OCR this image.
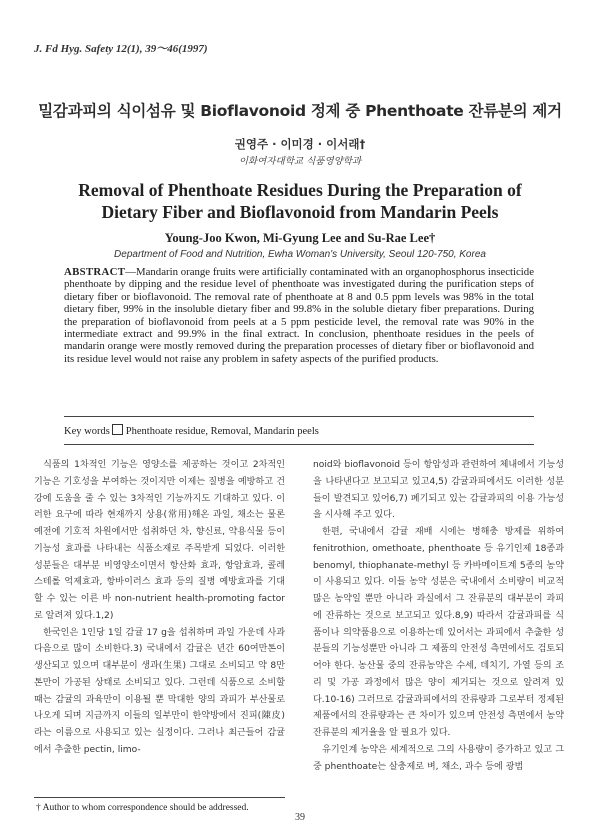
J. Fd Hyg. Safety 12(1), 39～46(1997)
밀감과피의 식이섬유 및 Bioflavonoid 정제 중 Phenthoate 잔류분의 제거
권영주 · 이미경 · 이서래†
이화여자대학교 식품영양학과
Removal of Phenthoate Residues During the Preparation of
Dietary Fiber and Bioflavonoid from Mandarin Peels
Young-Joo Kwon, Mi-Gyung Lee and Su-Rae Lee†
Department of Food and Nutrition, Ewha Woman's University, Seoul 120-750, Korea
ABSTRACT—Mandarin orange fruits were artificially contaminated with an organophosphorus insecticide phenthoate by dipping and the residue level of phenthoate was investigated during the purification steps of dietary fiber or bioflavonoid. The removal rate of phenthoate at 8 and 0.5 ppm levels was 98% in the total dietary fiber, 99% in the insoluble dietary fiber and 99.8% in the soluble dietary fiber preparations. During the preparation of bioflavonoid from peels at a 5 ppm pesticide level, the removal rate was 90% in the intermediate extract and 99.9% in the final extract. In conclusion, phenthoate residues in the peels of mandarin orange were mostly removed during the preparation processes of dietary fiber or bioflavonoid and its residue level would not raise any problem in safety aspects of the purified products.
Key words Phenthoate residue, Removal, Mandarin peels

식품의 1차적인 기능은 영양소를 제공하는 것이고 2차적인 기능은 기호성을 부여하는 것이지만 이제는 질병을 예방하고 건강에 도움을 줄 수 있는 3차적인 기능까지도 기대하고 있다. 이러한 요구에 따라 현재까지 상용(常用)해온 과일, 채소는 물론 예전에 기호적 차원에서만 섭취하던 차, 향신료, 약용식물 등이 기능성 효과를 나타내는 식품소재로 주목받게 되었다. 이러한 성분들은 대부분 비영양소이면서 항산화 효과, 항암효과, 콜레스테롤 억제효과, 항바이러스 효과 등의 질병 예방효과를 기대할 수 있는 이른 바 non-nutrient health-promoting factor로 알려져 있다.1,2)

한국인은 1인당 1일 감귤 17 g을 섭취하며 과일 가운데 사과 다음으로 많이 소비한다.3) 국내에서 감귤은 년간 60여만톤이 생산되고 있으며 대부분이 생과(生果) 그대로 소비되고 약 8만톤만이 가공된 상태로 소비되고 있다. 그런데 식품으로 소비할 때는 감귤의 과육만이 이용될 뿐 막대한 양의 과피가 부산물로 나오게 되며 지금까지 이들의 일부만이 한약방에서 진피(陳皮)라는 이름으로 사용되고 있는 실정이다. 그러나 최근들어 감귤에서 추출한 pectin, limo-

noid와 bioflavonoid 등이 항암성과 관련하여 체내에서 기능성을 나타낸다고 보고되고 있고4,5) 감귤과피에서도 이러한 성분들이 발견되고 있어6,7) 폐기되고 있는 감귤과피의 이용 가능성을 시사해 주고 있다.

한편, 국내에서 감귤 재배 시에는 병해충 방제를 위하여 fenitrothion, omethoate, phenthoate 등 유기인제 18종과 benomyl, thiophanate-methyl 등 카바메이트계 5종의 농약이 사용되고 있다. 이들 농약 성분은 국내에서 소비량이 비교적 많은 농약일 뿐만 아니라 과실에서 그 잔류분의 대부분이 과피에 잔류하는 것으로 보고되고 있다.8,9) 따라서 감귤과피를 식품이나 의약품용으로 이용하는데 있어서는 과피에서 추출한 성분들의 기능성뿐만 아니라 그 제품의 안전성 측면에서도 검토되어야 한다. 농산물 중의 잔류농약은 수세, 데치기, 가열 등의 조리 및 가공 과정에서 많은 양이 제거되는 것으로 알려져 있다.10-16) 그러므로 감귤과피에서의 잔류량과 그로부터 정제된 제품에서의 잔류량과는 큰 차이가 있으며 안전성 측면에서 농약 잔류분의 제거율을 알 필요가 있다.

유기인계 농약은 세계적으로 그의 사용량이 증가하고 있고 그 중 phenthoate는 살충제로 벼, 채소, 과수 등에 광범

† Author to whom correspondence should be addressed.
39
